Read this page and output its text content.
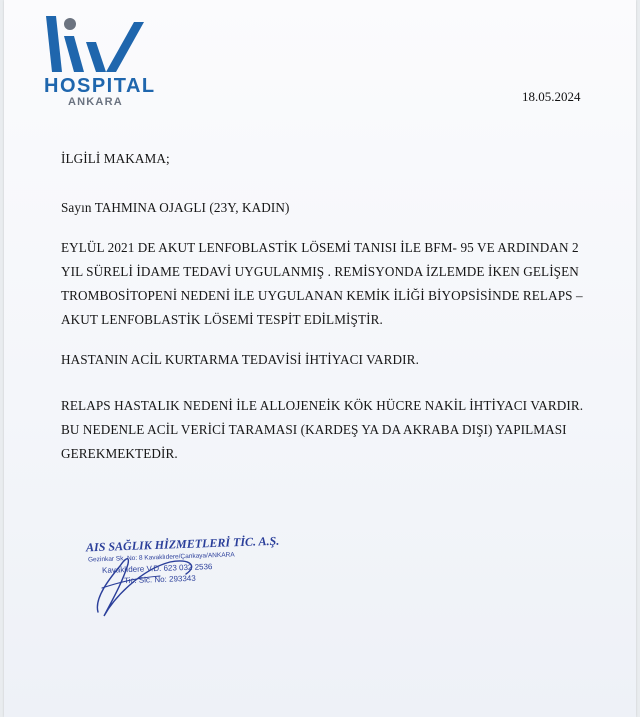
HOSPITAL
ANKARA	18.05.2024
İLGİLİ MAKAMA;
Sayın TAHMINA OJAGLI (23Y, KADIN)
EYLÜL 2021 DE AKUT LENFOBLASTİK LÖSEMİ TANISI İLE BFM- 95 VE ARDINDAN 2
YIL SÜRELİ İDAME TEDAVİ UYGULANMIŞ . REMİSYONDA İZLEMDE İKEN GELİŞEN
TROMBOSİTOPENİ NEDENİ İLE UYGULANAN KEMİK İLİĞİ BİYOPSİSİNDE RELAPS –
AKUT LENFOBLASTİK LÖSEMİ TESPİT EDİLMİŞTİR.
HASTANIN ACİL KURTARMA TEDAVİSİ İHTİYACI VARDIR.
RELAPS HASTALIK NEDENİ İLE ALLOJENEİK KÖK HÜCRE NAKİL İHTİYACI VARDIR.
BU NEDENLE ACİL VERİCİ TARAMASI (KARDEŞ YA DA AKRABA DIŞI) YAPILMASI
GEREKMEKTEDİR.
AIS SAĞLIK HİZMETLERİ TİC. A.Ş.
Gezinkar Sk. No: 8 Kavaklıdere/Çankaya/ANKARA
Kavaklıdere V.D. 623 032 2536
Tic. Sic. No: 293343
